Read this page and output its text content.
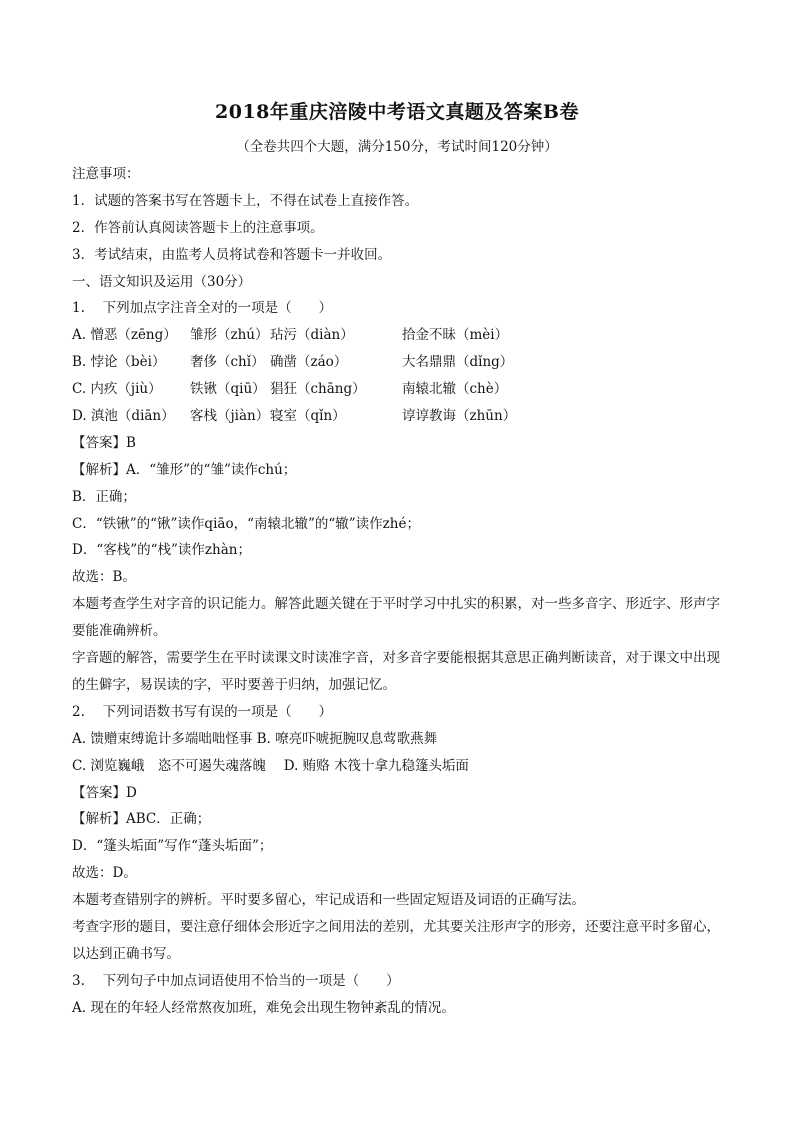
2018年重庆涪陵中考语文真题及答案B卷
（全卷共四个大题，满分150分，考试时间120分钟）

注意事项：

1．试题的答案书写在答题卡上，不得在试卷上直接作答。

2．作答前认真阅读答题卡上的注意事项。

3．考试结束，由监考人员将试卷和答题卡一并收回。

一、语文知识及运用（30分）

1.　 下列加点字注音全对的一项是（　　）

A. 憎恶（zēng） 雏形（zhú）玷污（diàn）	拾金不昧（mèi）

B. 悖论（bèi） 奢侈（chǐ） 确凿（záo）	大名鼎鼎（dǐng）

C. 内疚（jiù） 铁锹（qiū） 猖狂（chāng）	南辕北辙（chè）

D. 滇池（diān） 客栈（jiàn）寝室（qǐn）	谆谆教诲（zhūn）

【答案】B

【解析】A．“雏形”的“雏”读作chú；

B．正确；

C．“铁锹”的“锹”读作qiāo，“南辕北辙”的“辙”读作zhé；

D．“客栈”的“栈”读作zhàn；

故选：B。

本题考查学生对字音的识记能力。解答此题关键在于平时学习中扎实的积累，对一些多音字、形近字、形声字要能准确辨析。

字音题的解答，需要学生在平时读课文时读准字音，对多音字要能根据其意思正确判断读音，对于课文中出现的生僻字，易误读的字，平时要善于归纳，加强记忆。

2.　 下列词语数书写有误的一项是（　　）

A. 馈赠束缚诡计多端咄咄怪事 B. 嘹亮吓唬扼腕叹息莺歌燕舞

C. 浏览巍峨　恣不可遏失魂落魄　 D. 贿赂 木筏十拿九稳篷头垢面

【答案】D

【解析】ABC．正确；

D．“篷头垢面”写作“蓬头垢面”；

故选：D。

本题考查错别字的辨析。平时要多留心，牢记成语和一些固定短语及词语的正确写法。

考查字形的题目，要注意仔细体会形近字之间用法的差别，尤其要关注形声字的形旁，还要注意平时多留心，以达到正确书写。

3.　 下列句子中加点词语使用不恰当的一项是（　　）

A. 现在的年轻人经常熬夜加班，难免会出现生物钟紊乱的情况。
